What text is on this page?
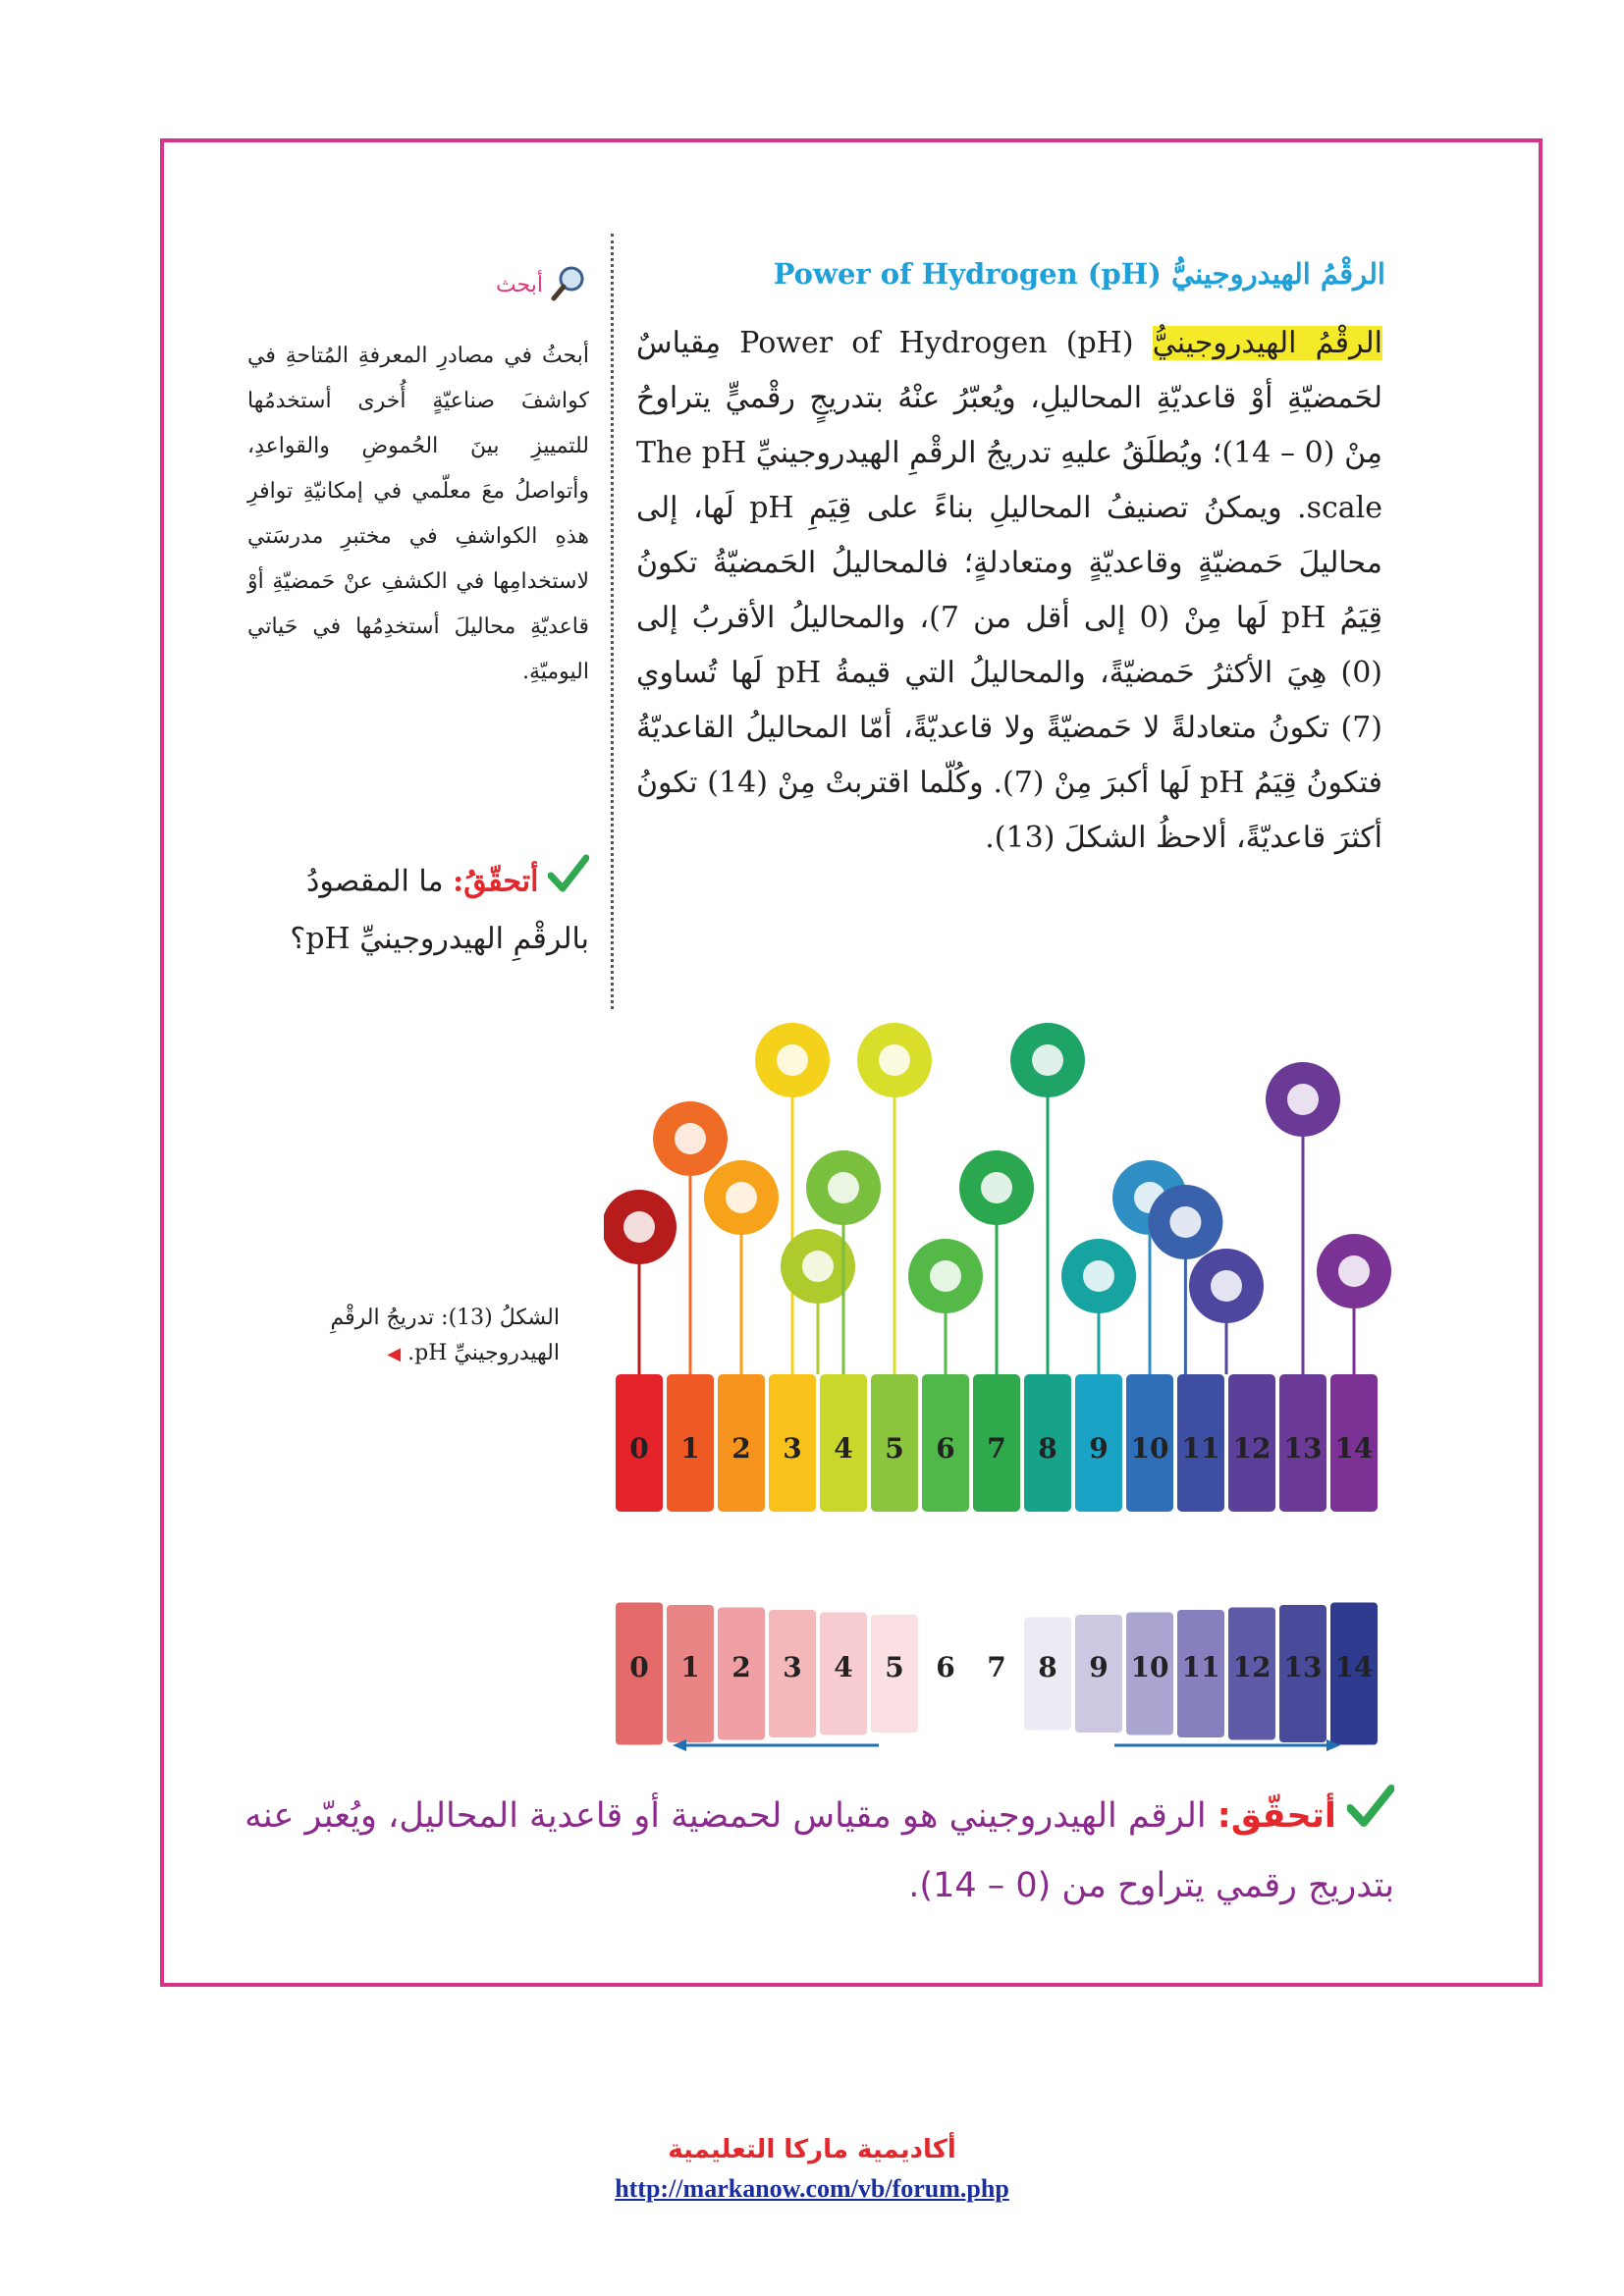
الرقْمُ الهيدروجينيُّ (Power of Hydrogen (pH
الرقْمُ الهيدروجينيُّ (Power of Hydrogen (pH مِقياسٌ لحَمضيّةِ أوْ قاعديّةِ المحاليلِ، ويُعبّرُ عنْهُ بتدريجٍ رقْميٍّ يتراوحُ مِنْ (0 – 14)؛ ويُطلَقُ عليهِ تدريجُ الرقْمِ الهيدروجينيِّ The pH scale. ويمكنُ تصنيفُ المحاليلِ بناءً على قِيَمِ pH لَها، إلى محاليلَ حَمضيّةٍ وقاعديّةٍ ومتعادلةٍ؛ فالمحاليلُ الحَمضيّةُ تكونُ قِيَمُ pH لَها مِنْ (0 إلى أقل من 7)، والمحاليلُ الأقربُ إلى (0) هِيَ الأكثرُ حَمضيّةً، والمحاليلُ التي قيمةُ pH لَها تُساوي (7) تكونُ متعادلةً لا حَمضيّةً ولا قاعديّةً، أمّا المحاليلُ القاعديّةُ فتكونُ قِيَمُ pH لَها أكبرَ مِنْ (7). وكُلّما اقتربتْ مِنْ (14) تكونُ أكثرَ قاعديّةً، ألاحظُ الشكلَ (13).
أبحث
أبحثُ في مصادرِ المعرفةِ المُتاحةِ في كواشفَ صناعيّةٍ أُخرى أستخدمُها للتمييزِ بينَ الحُموضِ والقواعدِ، وأتواصلُ معَ معلّمي في إمكانيّةِ توافرِ هذهِ الكواشفِ في مختبرِ مدرسَتي لاستخدامِها في الكشفِ عنْ حَمضيّةِ أوْ قاعديّةِ محاليلَ أستخدِمُها في حَياتي اليوميّةِ.
أتحقّقُ: ما المقصودُ بالرقْمِ الهيدروجينيِّ pH؟
0 1 2 3 4 5 6 7 8 9 10 11 12 13 14
الشكلُ (13): تدريجُ الرقْمِ الهيدروجينيِّ pH. ◀
أتحقّق: الرقم الهيدروجيني هو مقياس لحمضية أو قاعدية المحاليل، ويُعبّر عنه بتدريج رقمي يتراوح من (0 – 14).
أكاديمية ماركا التعليمية
http://markanow.com/vb/forum.php
0 1 2 3 4 5 6 7 8 9 10 11 12 13 14
